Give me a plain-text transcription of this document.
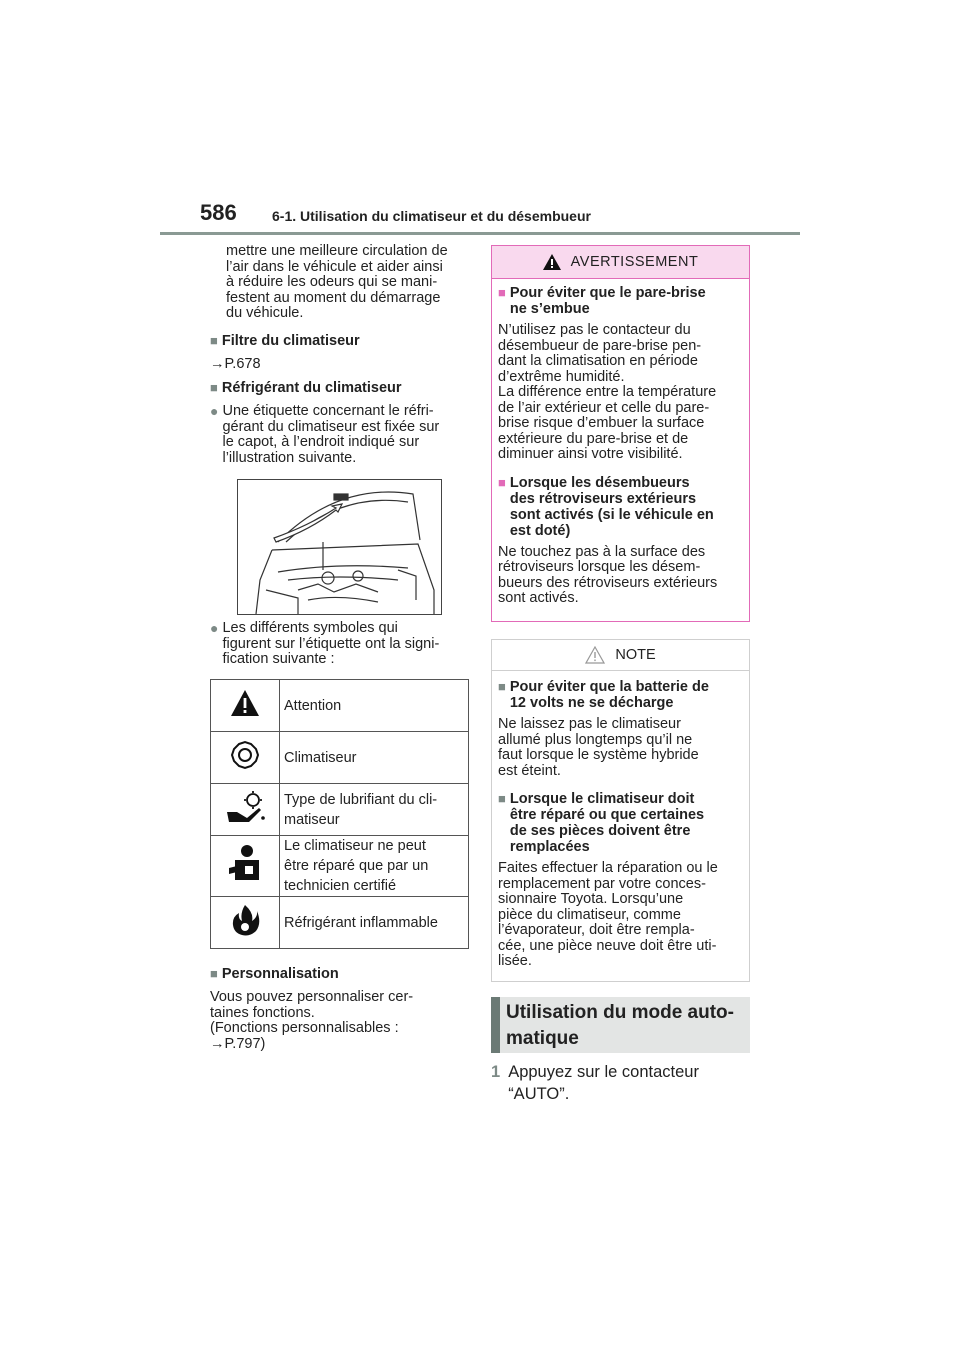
586	6-1. Utilisation du climatiseur et du désembueur

mettre une meilleure circulation de

l’air dans le véhicule et aider ainsi

à réduire les odeurs qui se mani-

festent au moment du démarrage

du véhicule.

■ Filtre du climatiseur
→P.678
■ Réfrigérant du climatiseur
● Une étiquette concernant le réfri-

gérant du climatiseur est fixée sur

le capot, à l’endroit indiqué sur

l’illustration suivante.

● Les différents symboles qui

figurent sur l’étiquette ont la signi-

fication suivante :

Attention

Climatiseur

Type de lubrifiant du cli-
matiseur

Le climatiseur ne peut
être réparé que par un
technicien certifié

Réfrigérant inflammable
■ Personnalisation

Vous pouvez personnaliser cer-

taines fonctions.

(Fonctions personnalisables :

→P.797)

AVERTISSEMENT
■ Pour éviter que le pare-brise
ne s’embue

N’utilisez pas le contacteur du

désembueur de pare-brise pen-

dant la climatisation en période

d’extrême humidité.

La différence entre la température

de l’air extérieur et celle du pare-

brise risque d’embuer la surface

extérieure du pare-brise et de

diminuer ainsi votre visibilité.

■ Lorsque les désembueurs
des rétroviseurs extérieurs
sont activés (si le véhicule en
est doté)

Ne touchez pas à la surface des

rétroviseurs lorsque les désem-

bueurs des rétroviseurs extérieurs

sont activés.

NOTE
■ Pour éviter que la batterie de
12 volts ne se décharge

Ne laissez pas le climatiseur

allumé plus longtemps qu’il ne

faut lorsque le système hybride

est éteint.

■ Lorsque le climatiseur doit
être réparé ou que certaines
de ses pièces doivent être
remplacées

Faites effectuer la réparation ou le

remplacement par votre conces-

sionnaire Toyota. Lorsqu’une

pièce du climatiseur, comme

l’évaporateur, doit être rempla-

cée, une pièce neuve doit être uti-

lisée.

Utilisation du mode auto-
matique
1 Appuyez sur le contacteur
“AUTO”.
